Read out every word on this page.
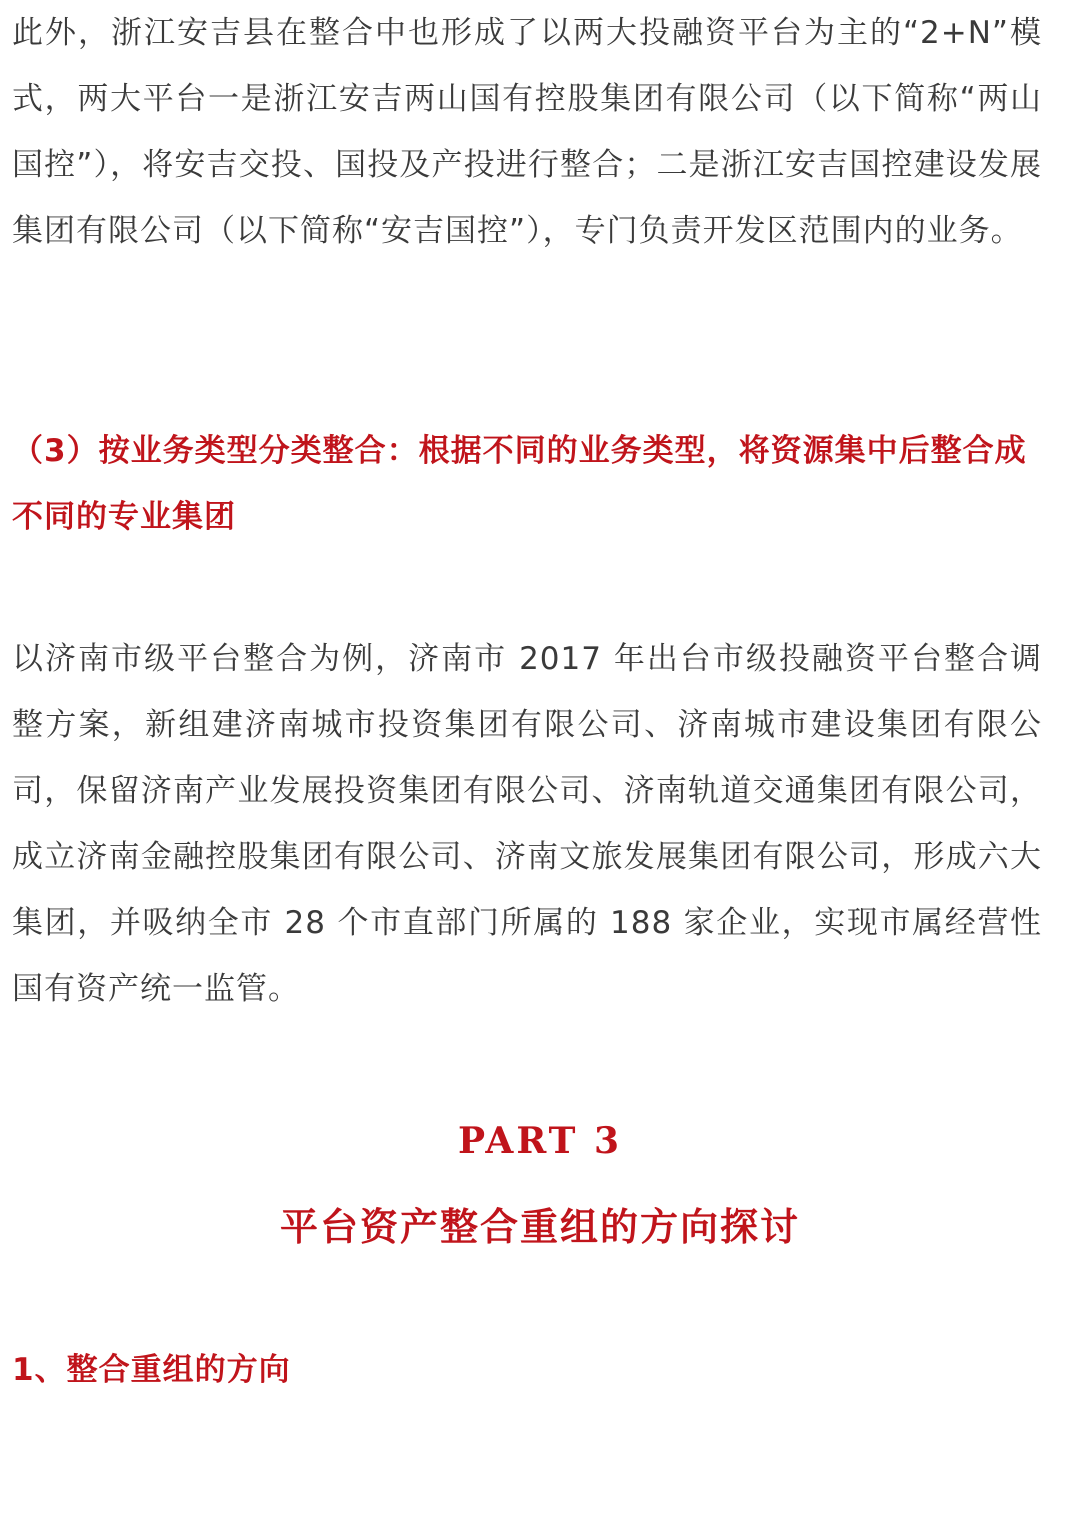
此外，浙江安吉县在整合中也形成了以两大投融资平台为主的“2+N”模式，两大平台一是浙江安吉两山国有控股集团有限公司（以下简称“两山国控”），将安吉交投、国投及产投进行整合；二是浙江安吉国控建设发展集团有限公司（以下简称“安吉国控”），专门负责开发区范围内的业务。

（3）按业务类型分类整合：根据不同的业务类型，将资源集中后整合成不同的专业集团

以济南市级平台整合为例，济南市 2017 年出台市级投融资平台整合调整方案，新组建济南城市投资集团有限公司、济南城市建设集团有限公司，保留济南产业发展投资集团有限公司、济南轨道交通集团有限公司，成立济南金融控股集团有限公司、济南文旅发展集团有限公司，形成六大集团，并吸纳全市 28 个市直部门所属的 188 家企业，实现市属经营性国有资产统一监管。

PART 3
平台资产整合重组的方向探讨
1、整合重组的方向
